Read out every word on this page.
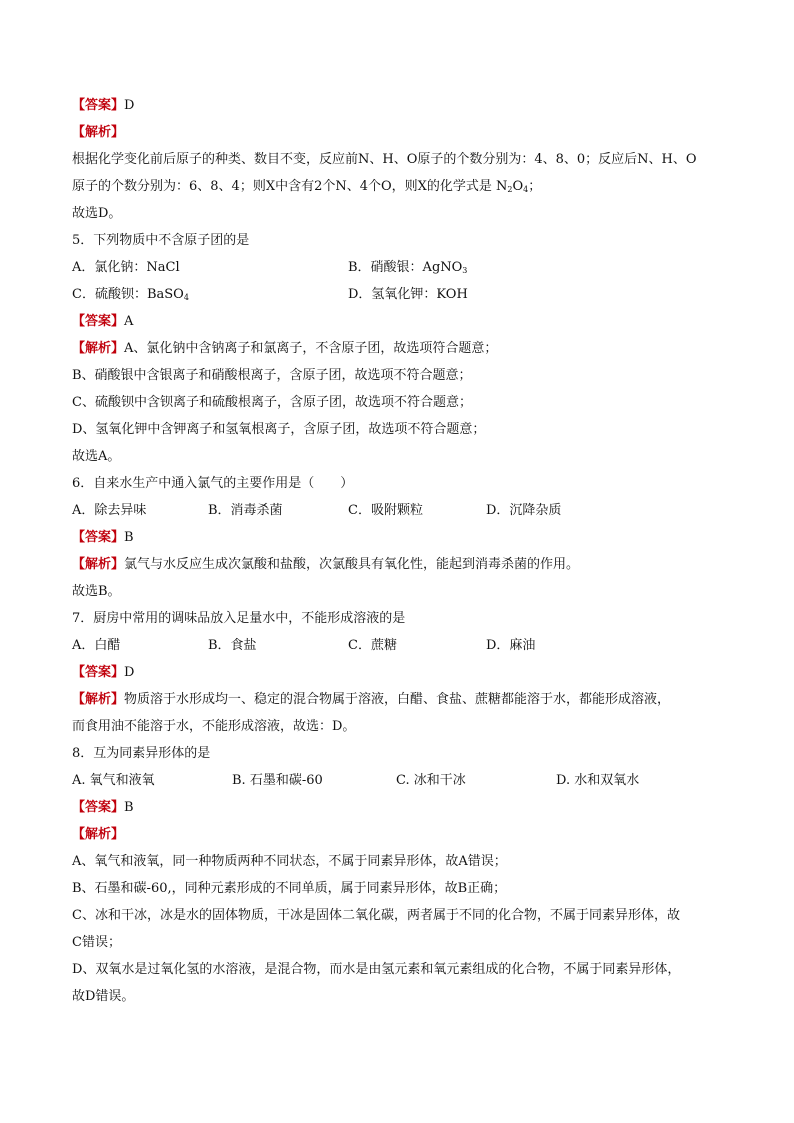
【答案】D
【解析】
根据化学变化前后原子的种类、数目不变，反应前N、H、O原子的个数分别为：4、8、0；反应后N、H、O
原子的个数分别为：6、8、4；则X中含有2个N、4个O，则X的化学式是 $N_2O_4$；
故选D。
5．下列物质中不含原子团的是
A．氯化钠：NaCl	B．硝酸银：AgNO$_3$
C．硫酸钡：BaSO$_4$	D．氢氧化钾：KOH
【答案】A
【解析】A、氯化钠中含钠离子和氯离子，不含原子团，故选项符合题意；
B、硝酸银中含银离子和硝酸根离子，含原子团，故选项不符合题意；
C、硫酸钡中含钡离子和硫酸根离子，含原子团，故选项不符合题意；
D、氢氧化钾中含钾离子和氢氧根离子，含原子团，故选项不符合题意；
故选A。
6．自来水生产中通入氯气的主要作用是（　　）
A．除去异味	B．消毒杀菌	C．吸附颗粒	D．沉降杂质
【答案】B
【解析】氯气与水反应生成次氯酸和盐酸，次氯酸具有氧化性，能起到消毒杀菌的作用。
故选B。
7．厨房中常用的调味品放入足量水中，不能形成溶液的是
A．白醋	B．食盐	C．蔗糖	D．麻油
【答案】D
【解析】物质溶于水形成均一、稳定的混合物属于溶液，白醋、食盐、蔗糖都能溶于水，都能形成溶液，
而食用油不能溶于水，不能形成溶液，故选：D。
8．互为同素异形体的是
A. 氧气和液氧	B. 石墨和碳-60	C. 冰和干冰	D. 水和双氧水
【答案】B
【解析】
A、氧气和液氧，同一种物质两种不同状态，不属于同素异形体，故A错误；
B、石墨和碳-60,，同种元素形成的不同单质，属于同素异形体，故B正确；
C、冰和干冰，冰是水的固体物质，干冰是固体二氧化碳，两者属于不同的化合物，不属于同素异形体，故
C错误；
D、双氧水是过氧化氢的水溶液，是混合物，而水是由氢元素和氧元素组成的化合物，不属于同素异形体，
故D错误。
